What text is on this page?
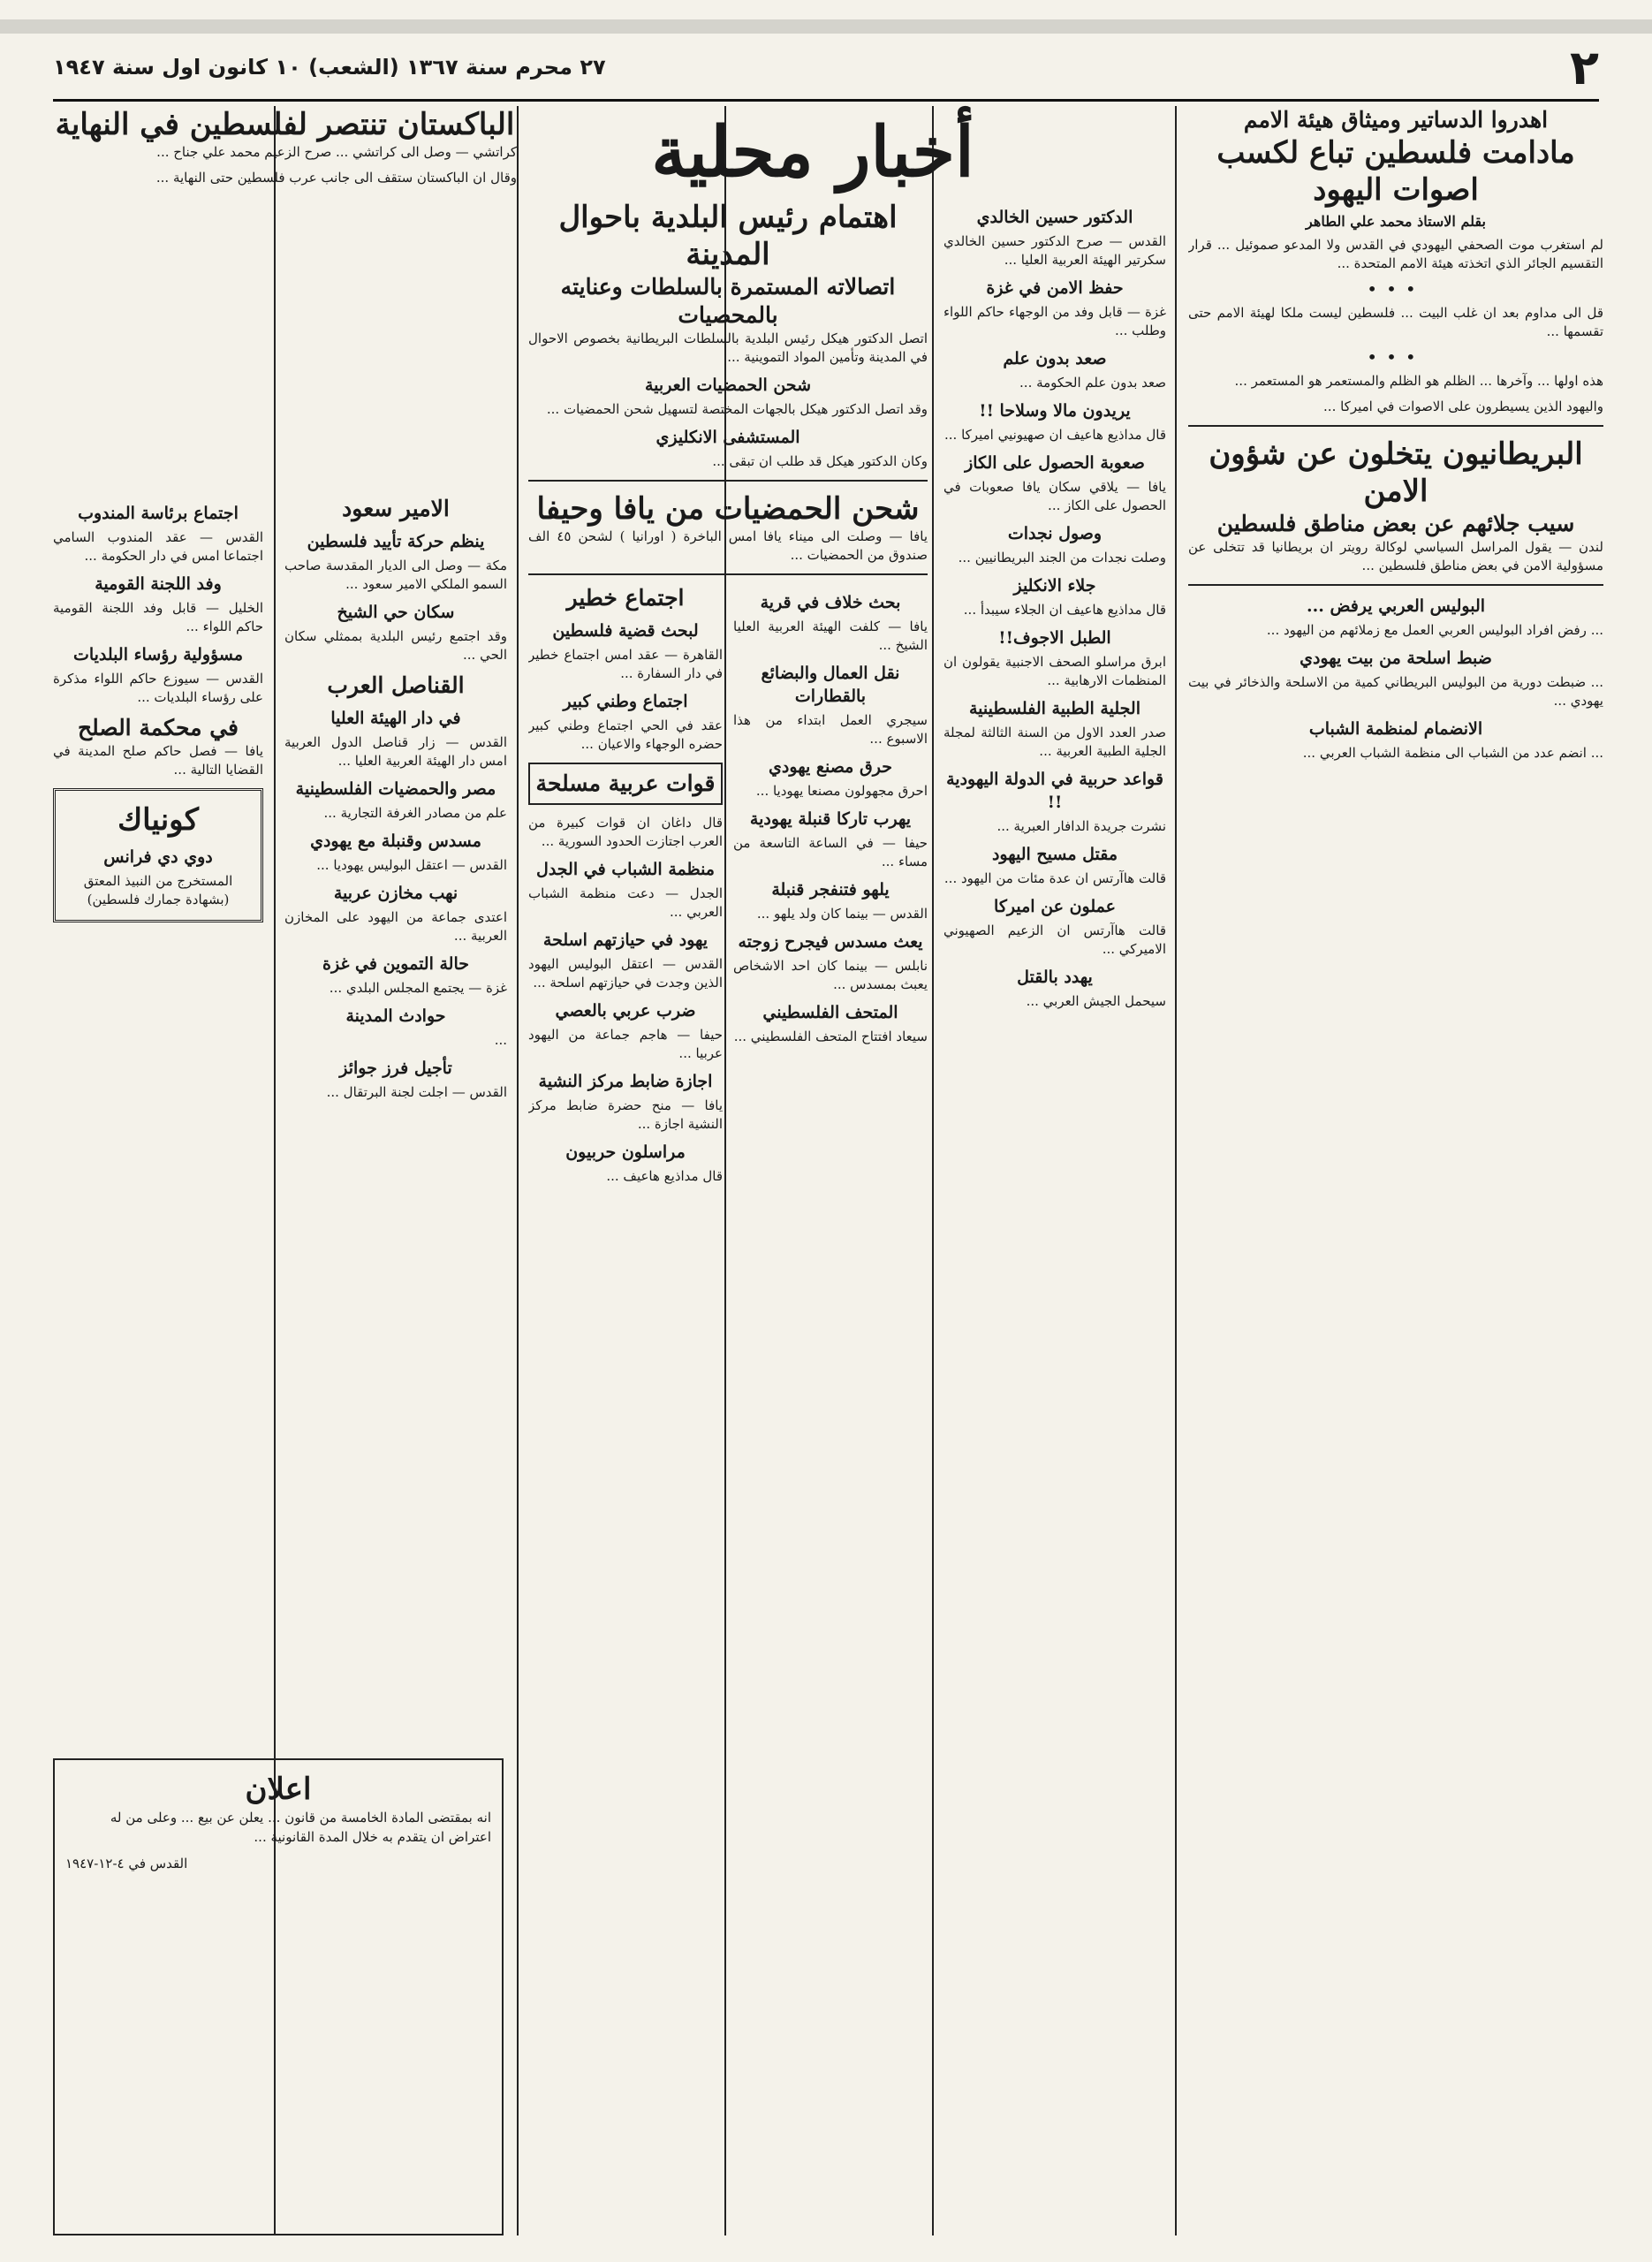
٢
٢٧ محرم سنة ١٣٦٧ (الشعب) ١٠ كانون اول سنة ١٩٤٧
اهدروا الدساتير وميثاق هيئة الامم
مادامت فلسطين تباع لكسب اصوات اليهود
بقلم الاستاذ محمد علي الطاهر

لم استغرب موت الصحفي اليهودي في القدس ولا المدعو صموئيل ... قرار التقسيم الجائر الذي اتخذته هيئة الامم المتحدة ...

•••

قل الى مداوم بعد ان غلب البيت ... فلسطين ليست ملكا لهيئة الامم حتى تقسمها ...

•••

هذه اولها ... وآخرها ... الظلم هو الظلم والمستعمر هو المستعمر ...

واليهود الذين يسيطرون على الاصوات في اميركا ...

البريطانيون يتخلون عن شؤون الامن
سيب جلائهم عن بعض مناطق فلسطين

لندن — يقول المراسل السياسي لوكالة رويتر ان بريطانيا قد تتخلى عن مسؤولية الامن في بعض مناطق فلسطين ...

البوليس العربي يرفض ...

... رفض افراد البوليس العربي العمل مع زملائهم من اليهود ...

ضبط اسلحة من بيت يهودي

... ضبطت دورية من البوليس البريطاني كمية من الاسلحة والذخائر في بيت يهودي ...

الانضمام لمنظمة الشباب

... انضم عدد من الشباب الى منظمة الشباب العربي ...

الدكتور حسين الخالدي

القدس — صرح الدكتور حسين الخالدي سكرتير الهيئة العربية العليا ...

حفظ الامن في غزة

غزة — قابل وفد من الوجهاء حاكم اللواء وطلب ...

صعد بدون علم

صعد بدون علم الحكومة ...

يريدون مالا وسلاحا !!

قال مداذيع هاعيف ان صهيونيي اميركا ...

صعوبة الحصول على الكاز

يافا — يلاقي سكان يافا صعوبات في الحصول على الكاز ...

وصول نجدات

وصلت نجدات من الجند البريطانيين ...

جلاء الانكليز

قال مداذيع هاعيف ان الجلاء سيبدأ ...

الطبل الاجوف!!

ابرق مراسلو الصحف الاجنبية يقولون ان المنظمات الارهابية ...

الجلية الطبية الفلسطينية

صدر العدد الاول من السنة الثالثة لمجلة الجلية الطبية العربية ...

قواعد حربية في الدولة اليهودية !!

نشرت جريدة الدافار العبرية ...

مقتل مسيح اليهود

قالت هاآرتس ان عدة مئات من اليهود ...

عملون عن اميركا

قالت هاآرتس ان الزعيم الصهيوني الاميركي ...

يهدد بالقتل

سيحمل الجيش العربي ...

أخبار محلية
اهتمام رئيس البلدية باحوال المدينة
اتصالاته المستمرة بالسلطات وعنايته بالمحصيات

اتصل الدكتور هيكل رئيس البلدية بالسلطات البريطانية بخصوص الاحوال في المدينة وتأمين المواد التموينية ...

شحن الحمضيات العربية

وقد اتصل الدكتور هيكل بالجهات المختصة لتسهيل شحن الحمضيات ...

المستشفى الانكليزي

وكان الدكتور هيكل قد طلب ان تبقى ...

شحن الحمضيات من يافا وحيفا

يافا — وصلت الى ميناء يافا امس الباخرة ( اورانيا ) لشحن ٤٥ الف صندوق من الحمضيات ...

بحث خلاف في قرية

يافا — كلفت الهيئة العربية العليا الشيخ ...

نقل العمال والبضائع بالقطارات

سيجري العمل ابتداء من هذا الاسبوع ...

حرق مصنع يهودي

احرق مجهولون مصنعا يهوديا ...

يهرب تاركا قنبلة يهودية

حيفا — في الساعة التاسعة من مساء ...

يلهو فتنفجر قنبلة

القدس — بينما كان ولد يلهو ...

يعث مسدس فيجرح زوجته

نابلس — بينما كان احد الاشخاص يعبث بمسدس ...

المتحف الفلسطيني

سيعاد افتتاح المتحف الفلسطيني ...

اجتماع خطير
لبحث قضية فلسطين

القاهرة — عقد امس اجتماع خطير في دار السفارة ...

اجتماع وطني كبير

عقد في الحي اجتماع وطني كبير حضره الوجهاء والاعيان ...

قوات عربية مسلحة

قال داغان ان قوات كبيرة من العرب اجتازت الحدود السورية ...

منظمة الشباب في الجدل

الجدل — دعت منظمة الشباب العربي ...

يهود في حيازتهم اسلحة

القدس — اعتقل البوليس اليهود الذين وجدت في حيازتهم اسلحة ...

ضرب عربي بالعصي

حيفا — هاجم جماعة من اليهود عربيا ...

اجازة ضابط مركز النشية

يافا — منح حضرة ضابط مركز النشية اجازة ...

مراسلون حربيون

قال مداذيع هاعيف ...

الامير سعود
ينظم حركة تأييد فلسطين

مكة — وصل الى الديار المقدسة صاحب السمو الملكي الامير سعود ...

سكان حي الشيخ

وقد اجتمع رئيس البلدية بممثلي سكان الحي ...

القناصل العرب
في دار الهيئة العليا

القدس — زار قناصل الدول العربية امس دار الهيئة العربية العليا ...

مصر والحمضيات الفلسطينية

علم من مصادر الغرفة التجارية ...

مسدس وقنبلة مع يهودي

القدس — اعتقل البوليس يهوديا ...

نهب مخازن عربية

اعتدى جماعة من اليهود على المخازن العربية ...

حالة التموين في غزة

غزة — يجتمع المجلس البلدي ...

حوادث المدينة

...

تأجيل فرز جوائز

القدس — اجلت لجنة البرتقال ...

الباكستان تنتصر لفلسطين في النهاية

كراتشي — وصل الى كراتشي ... صرح الزعيم محمد علي جناح ...

وقال ان الباكستان ستقف الى جانب عرب فلسطين حتى النهاية ...

اجتماع برئاسة المندوب

القدس — عقد المندوب السامي اجتماعا امس في دار الحكومة ...

وفد اللجنة القومية

الخليل — قابل وفد اللجنة القومية حاكم اللواء ...

مسؤولية رؤساء البلديات

القدس — سيوزع حاكم اللواء مذكرة على رؤساء البلديات ...

في محكمة الصلح

يافا — فصل حاكم صلح المدينة في القضايا التالية ...

كونياك
دوي دي فرانس
المستخرج من النبيذ المعتق
(بشهادة جمارك فلسطين)
اعلان

انه بمقتضى المادة الخامسة من قانون ... يعلن عن بيع ... وعلى من له اعتراض ان يتقدم به خلال المدة القانونية ...

القدس في ٤-١٢-١٩٤٧
